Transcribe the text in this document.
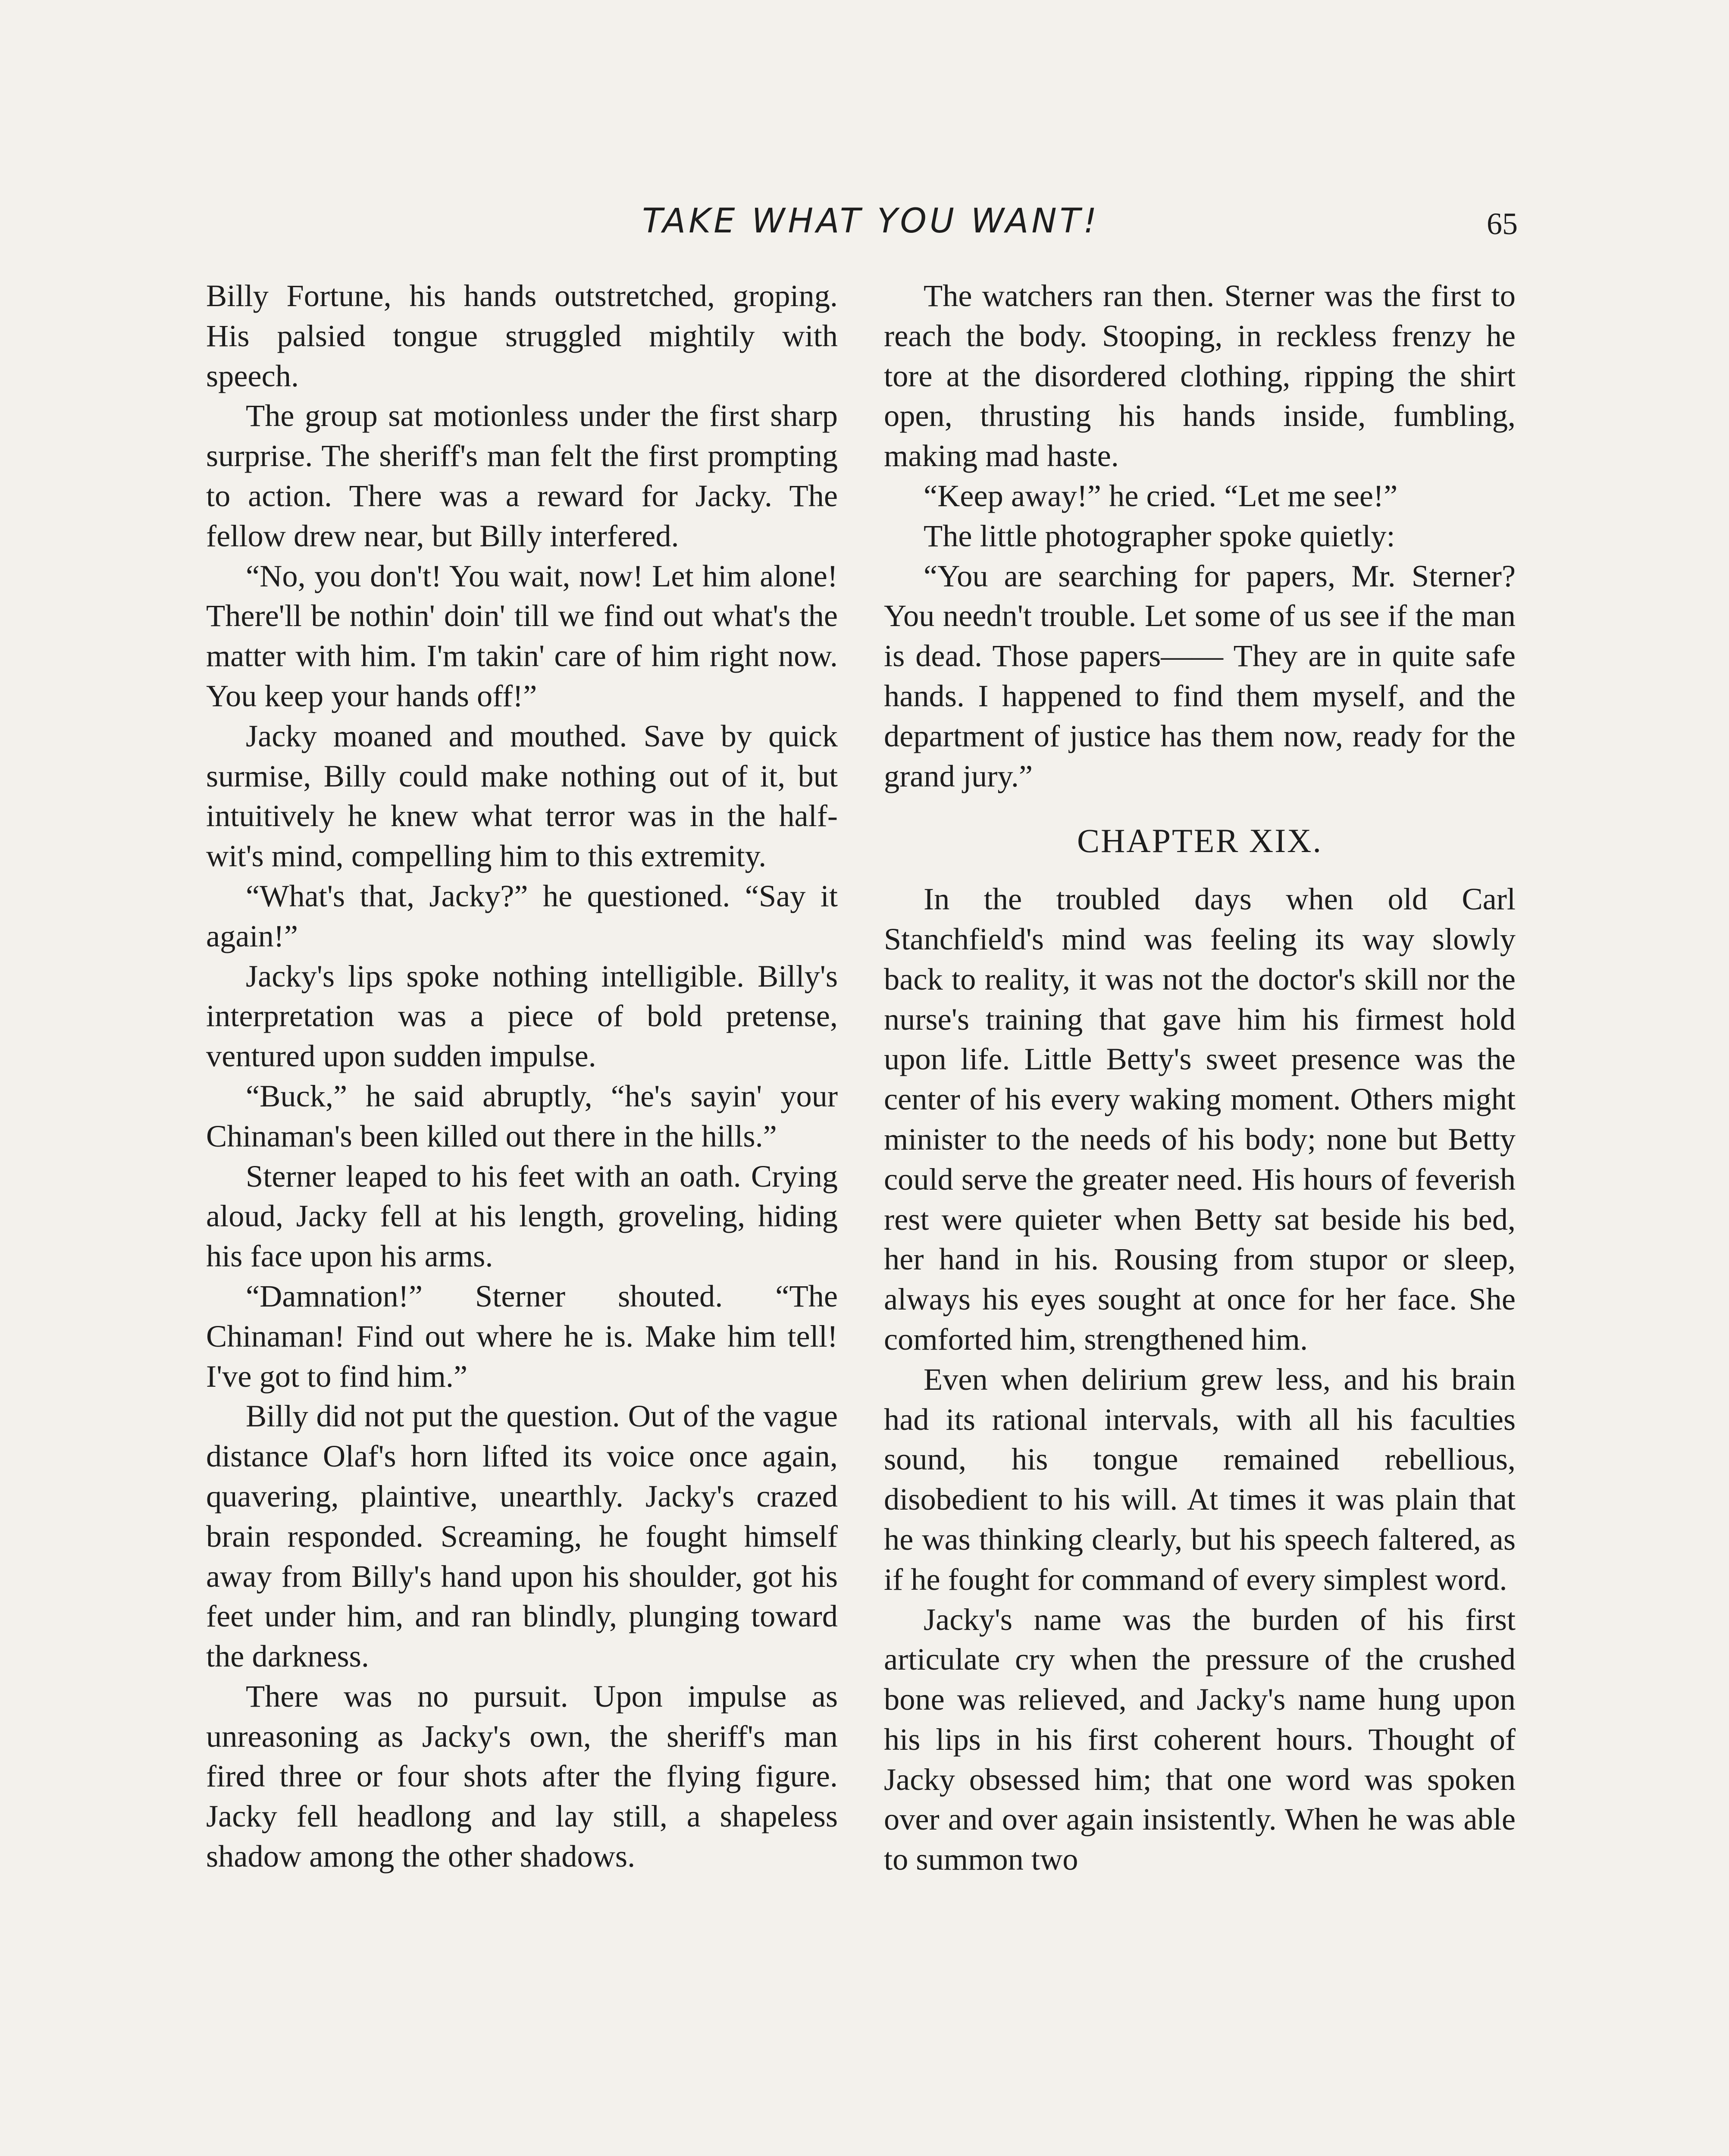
TAKE WHAT YOU WANT!	65

Billy Fortune, his hands outstretched, groping. His palsied tongue struggled mightily with speech.

The group sat motionless under the first sharp surprise. The sheriff's man felt the first prompting to action. There was a reward for Jacky. The fellow drew near, but Billy interfered.

“No, you don't! You wait, now! Let him alone! There'll be nothin' doin' till we find out what's the matter with him. I'm takin' care of him right now. You keep your hands off!”

Jacky moaned and mouthed. Save by quick surmise, Billy could make nothing out of it, but intuitively he knew what terror was in the half-wit's mind, compelling him to this extremity.

“What's that, Jacky?” he questioned. “Say it again!”

Jacky's lips spoke nothing intelligible. Billy's interpretation was a piece of bold pretense, ventured upon sudden impulse.

“Buck,” he said abruptly, “he's sayin' your Chinaman's been killed out there in the hills.”

Sterner leaped to his feet with an oath. Crying aloud, Jacky fell at his length, groveling, hiding his face upon his arms.

“Damnation!” Sterner shouted. “The Chinaman! Find out where he is. Make him tell! I've got to find him.”

Billy did not put the question. Out of the vague distance Olaf's horn lifted its voice once again, quavering, plaintive, unearthly. Jacky's crazed brain responded. Screaming, he fought himself away from Billy's hand upon his shoulder, got his feet under him, and ran blindly, plunging toward the darkness.

There was no pursuit. Upon impulse as unreasoning as Jacky's own, the sheriff's man fired three or four shots after the flying figure. Jacky fell headlong and lay still, a shapeless shadow among the other shadows.

The watchers ran then. Sterner was the first to reach the body. Stooping, in reckless frenzy he tore at the disordered clothing, ripping the shirt open, thrusting his hands inside, fumbling, making mad haste.

“Keep away!” he cried. “Let me see!”

The little photographer spoke quietly:

“You are searching for papers, Mr. Sterner? You needn't trouble. Let some of us see if the man is dead. Those papers—— They are in quite safe hands. I happened to find them myself, and the department of justice has them now, ready for the grand jury.”

CHAPTER XIX.

In the troubled days when old Carl Stanchfield's mind was feeling its way slowly back to reality, it was not the doctor's skill nor the nurse's training that gave him his firmest hold upon life. Little Betty's sweet presence was the center of his every waking moment. Others might minister to the needs of his body; none but Betty could serve the greater need. His hours of feverish rest were quieter when Betty sat beside his bed, her hand in his. Rousing from stupor or sleep, always his eyes sought at once for her face. She comforted him, strengthened him.

Even when delirium grew less, and his brain had its rational intervals, with all his faculties sound, his tongue remained rebellious, disobedient to his will. At times it was plain that he was thinking clearly, but his speech faltered, as if he fought for command of every simplest word.

Jacky's name was the burden of his first articulate cry when the pressure of the crushed bone was relieved, and Jacky's name hung upon his lips in his first coherent hours. Thought of Jacky obsessed him; that one word was spoken over and over again insistently. When he was able to summon two
